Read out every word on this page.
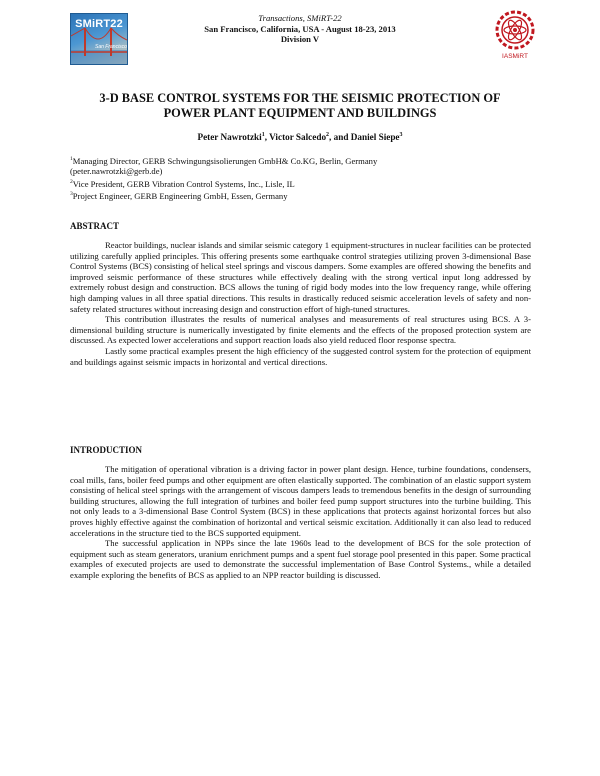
SMiRT22
San Francisco
Transactions, SMiRT-22
San Francisco, California, USA - August 18-23, 2013
Division V
IASMiRT
3-D BASE CONTROL SYSTEMS FOR THE SEISMIC PROTECTION OF
POWER PLANT EQUIPMENT AND BUILDINGS
Peter Nawrotzki$^1$, Victor Salcedo$^2$, and Daniel Siepe$^3$
$^1$Managing Director, GERB Schwingungsisolierungen GmbH& Co.KG, Berlin, Germany
(peter.nawrotzki@gerb.de)
$^2$Vice President, GERB Vibration Control Systems, Inc., Lisle, IL
$^3$Project Engineer, GERB Engineering GmbH, Essen, Germany
ABSTRACT

Reactor buildings, nuclear islands and similar seismic category 1 equipment-structures in nuclear facilities can be protected utilizing carefully applied principles. This offering presents some earthquake control strategies utilizing proven 3-dimensional Base Control Systems (BCS) consisting of helical steel springs and viscous dampers. Some examples are offered showing the benefits and improved seismic performance of these structures while effectively dealing with the strong vertical input long addressed by extremely robust design and construction. BCS allows the tuning of rigid body modes into the low frequency range, while offering high damping values in all three spatial directions. This results in drastically reduced seismic acceleration levels of safety and non-safety related structures without increasing design and construction effort of high-tuned structures.

This contribution illustrates the results of numerical analyses and measurements of real structures using BCS. A 3-dimensional building structure is numerically investigated by finite elements and the effects of the proposed protection system are discussed. As expected lower accelerations and support reaction loads also yield reduced floor response spectra.

Lastly some practical examples present the high efficiency of the suggested control system for the protection of equipment and buildings against seismic impacts in horizontal and vertical directions.

INTRODUCTION

The mitigation of operational vibration is a driving factor in power plant design. Hence, turbine foundations, condensers, coal mills, fans, boiler feed pumps and other equipment are often elastically supported. The combination of an elastic support system consisting of helical steel springs with the arrangement of viscous dampers leads to tremendous benefits in the design of surrounding building structures, allowing the full integration of turbines and boiler feed pump support structures into the turbine building. This not only leads to a 3-dimensional Base Control System (BCS) in these applications that protects against horizontal forces but also proves highly effective against the combination of horizontal and vertical seismic excitation. Additionally it can also lead to reduced accelerations in the structure tied to the BCS supported equipment.

The successful application in NPPs since the late 1960s lead to the development of BCS for the sole protection of equipment such as steam generators, uranium enrichment pumps and a spent fuel storage pool presented in this paper. Some practical examples of executed projects are used to demonstrate the successful implementation of Base Control Systems., while a detailed example exploring the benefits of BCS as applied to an NPP reactor building is discussed.
